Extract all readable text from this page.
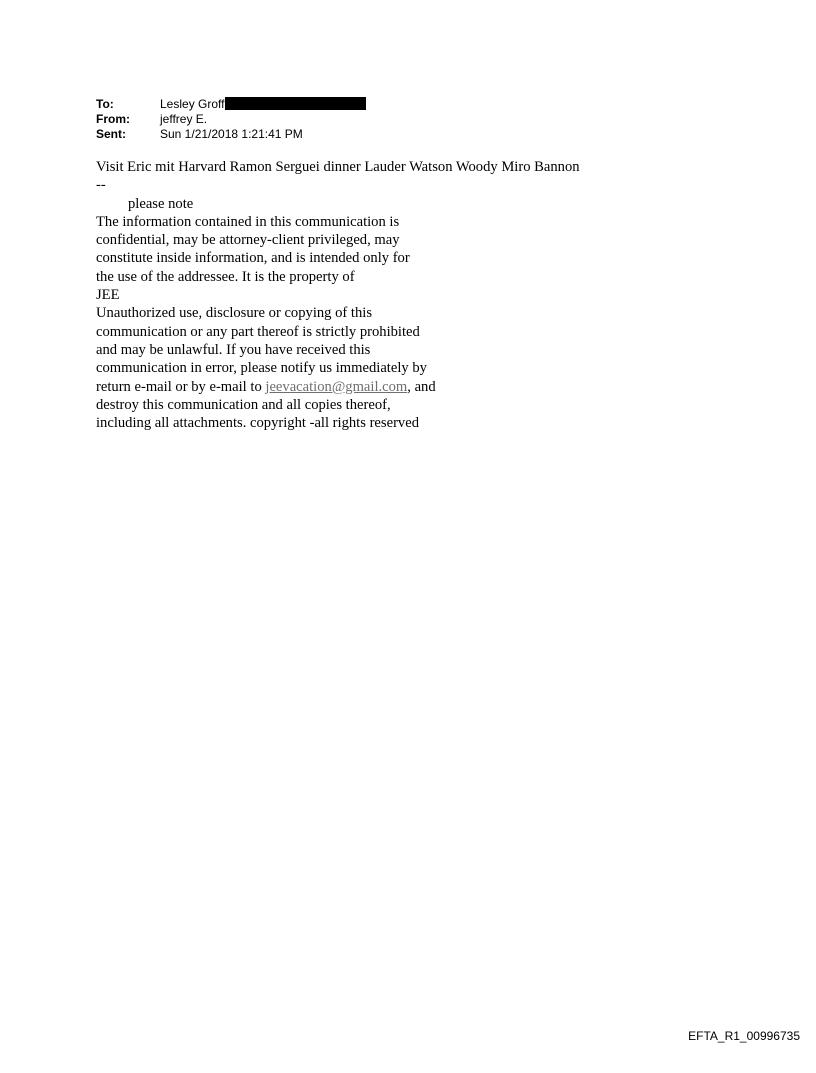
To:	Lesley Groff
From:	jeffrey E.
Sent:	Sun 1/21/2018 1:21:41 PM
Visit Eric mit Harvard Ramon Serguei dinner Lauder Watson Woody Miro Bannon
--
please note
The information contained in this communication is
confidential, may be attorney-client privileged, may
constitute inside information, and is intended only for
the use of the addressee. It is the property of
JEE
Unauthorized use, disclosure or copying of this
communication or any part thereof is strictly prohibited
and may be unlawful. If you have received this
communication in error, please notify us immediately by
return e-mail or by e-mail to jeevacation@gmail.com, and
destroy this communication and all copies thereof,
including all attachments. copyright -all rights reserved
EFTA_R1_00996735
